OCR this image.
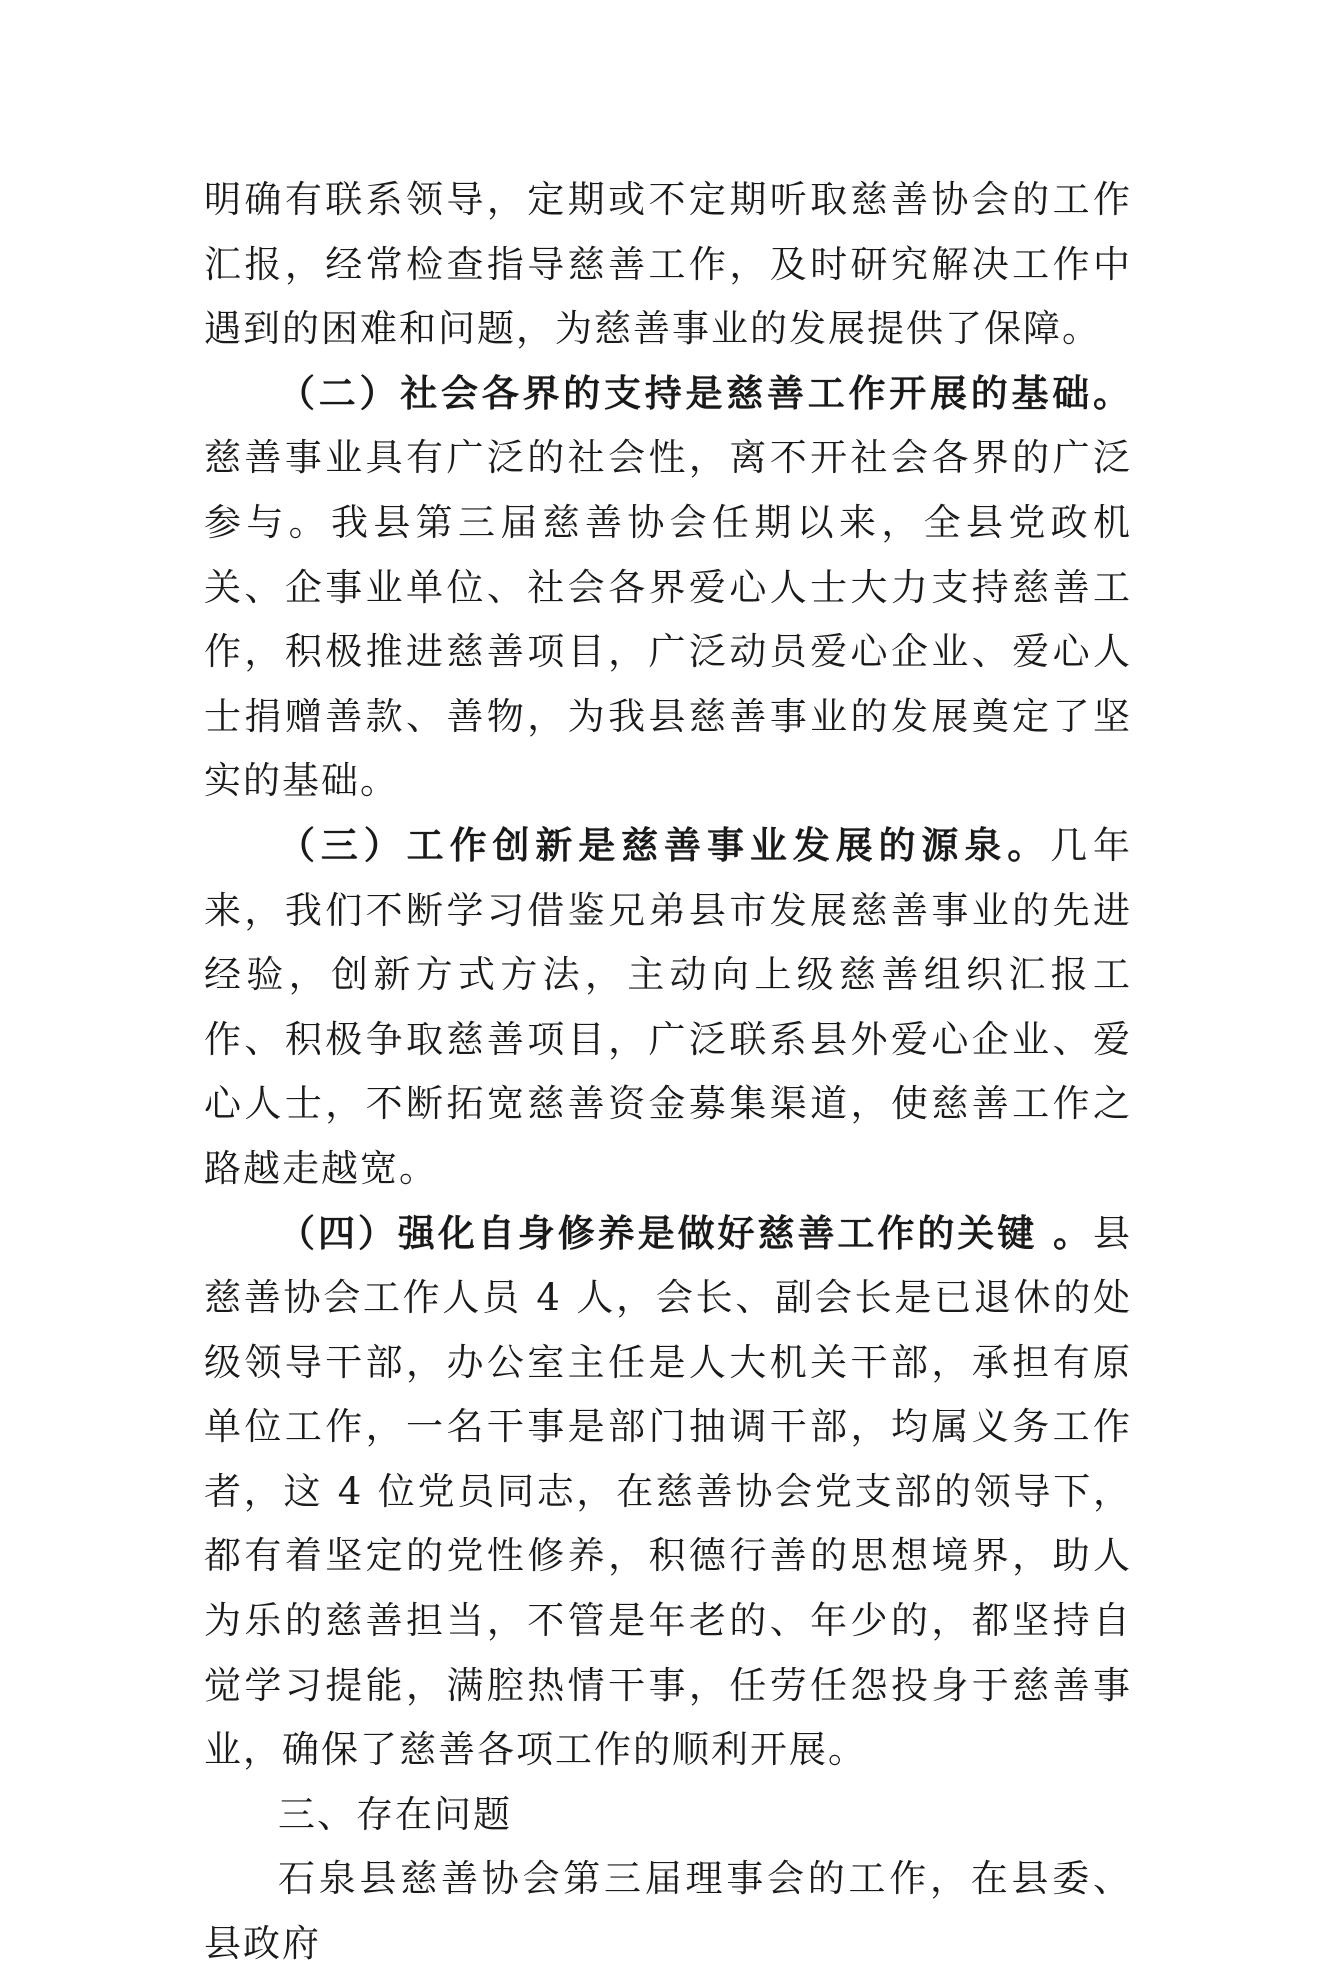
明确有联系领导，定期或不定期听取慈善协会的工作汇报，经常检查指导慈善工作，及时研究解决工作中遇到的困难和问题，为慈善事业的发展提供了保障。

（二）社会各界的支持是慈善工作开展的基础。慈善事业具有广泛的社会性，离不开社会各界的广泛参与。我县第三届慈善协会任期以来，全县党政机关、企事业单位、社会各界爱心人士大力支持慈善工作，积极推进慈善项目，广泛动员爱心企业、爱心人士捐赠善款、善物，为我县慈善事业的发展奠定了坚实的基础。

（三）工作创新是慈善事业发展的源泉。几年来，我们不断学习借鉴兄弟县市发展慈善事业的先进经验，创新方式方法，主动向上级慈善组织汇报工作、积极争取慈善项目，广泛联系县外爱心企业、爱心人士，不断拓宽慈善资金募集渠道，使慈善工作之路越走越宽。

（四）强化自身修养是做好慈善工作的关键 。县慈善协会工作人员 4 人，会长、副会长是已退休的处级领导干部，办公室主任是人大机关干部，承担有原单位工作，一名干事是部门抽调干部，均属义务工作者，这 4 位党员同志，在慈善协会党支部的领导下，都有着坚定的党性修养，积德行善的思想境界，助人为乐的慈善担当，不管是年老的、年少的，都坚持自觉学习提能，满腔热情干事，任劳任怨投身于慈善事业，确保了慈善各项工作的顺利开展。

三、存在问题

石泉县慈善协会第三届理事会的工作，在县委、县政府
